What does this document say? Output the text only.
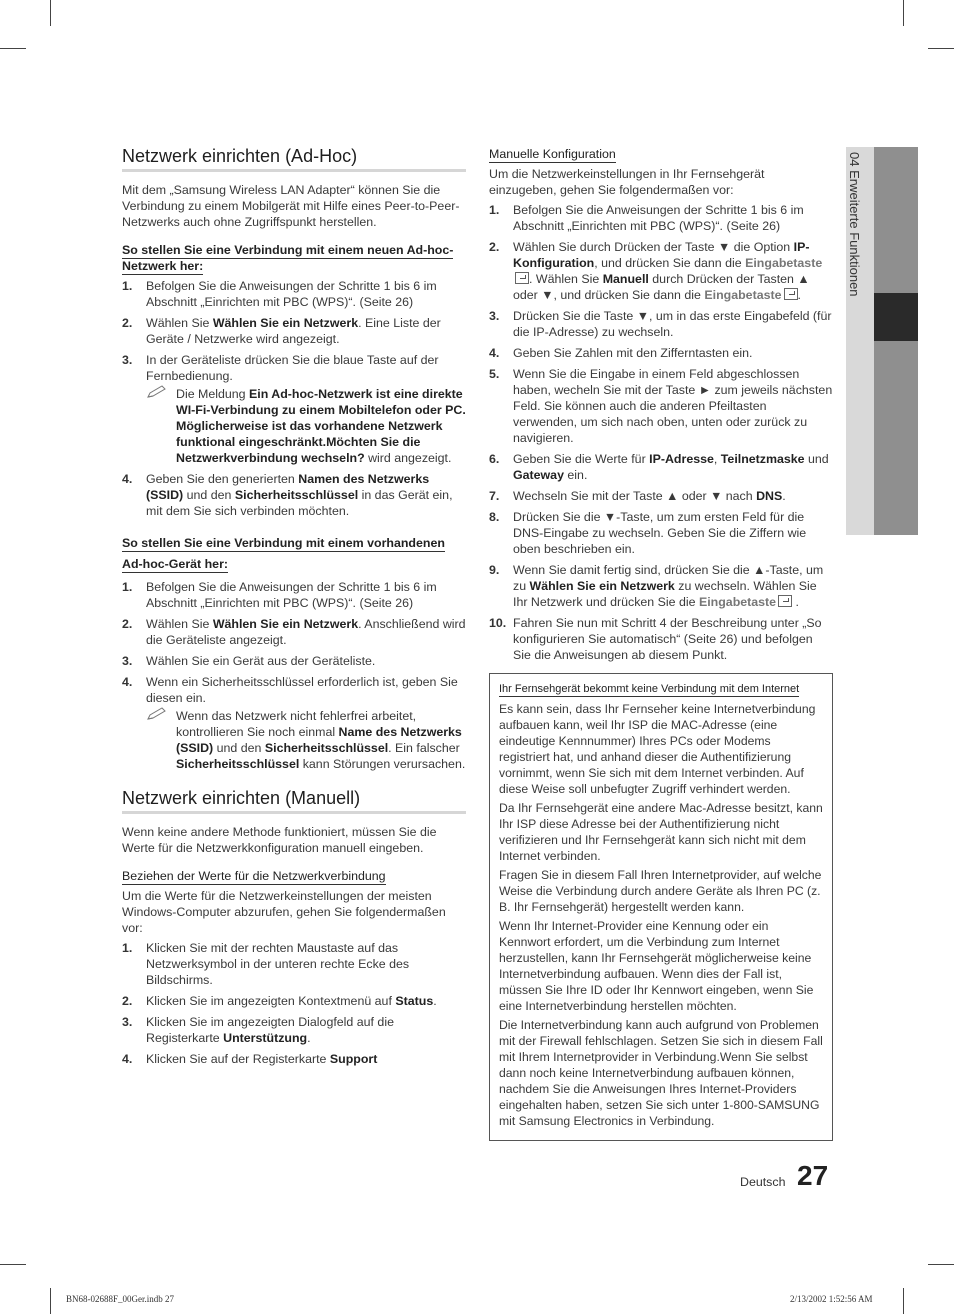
04 Erweiterte Funktionen
Netzwerk einrichten (Ad-Hoc)

Mit dem „Samsung Wireless LAN Adapter“ können Sie die Verbindung zu einem Mobilgerät mit Hilfe eines Peer-to-Peer-Netzwerks auch ohne Zugriffspunkt herstellen.

So stellen Sie eine Verbindung mit einem neuen Ad-hoc-
Netzwerk her:
1. Befolgen Sie die Anweisungen der Schritte 1 bis 6 im Abschnitt „Einrichten mit PBC (WPS)“. (Seite 26)
2. Wählen Sie Wählen Sie ein Netzwerk. Eine Liste der Geräte / Netzwerke wird angezeigt.
3. In der Geräteliste drücken Sie die blaue Taste auf der Fernbedienung.
Die Meldung Ein Ad-hoc-Netzwerk ist eine direkte WI-Fi-Verbindung zu einem Mobiltelefon oder PC. Möglicherweise ist das vorhandene Netzwerk funktional eingeschränkt.Möchten Sie die Netzwerkverbindung wechseln? wird angezeigt.
4. Geben Sie den generierten Namen des Netzwerks (SSID) und den Sicherheitsschlüssel in das Gerät ein, mit dem Sie sich verbinden möchten.
So stellen Sie eine Verbindung mit einem vorhandenen
Ad-hoc-Gerät her:
1. Befolgen Sie die Anweisungen der Schritte 1 bis 6 im Abschnitt „Einrichten mit PBC (WPS)“. (Seite 26)
2. Wählen Sie Wählen Sie ein Netzwerk. Anschließend wird die Geräteliste angezeigt.
3. Wählen Sie ein Gerät aus der Geräteliste.
4. Wenn ein Sicherheitsschlüssel erforderlich ist, geben Sie diesen ein.
Wenn das Netzwerk nicht fehlerfrei arbeitet, kontrollieren Sie noch einmal Name des Netzwerks (SSID) und den Sicherheitsschlüssel. Ein falscher Sicherheitsschlüssel kann Störungen verursachen.
Netzwerk einrichten (Manuell)

Wenn keine andere Methode funktioniert, müssen Sie die Werte für die Netzwerkkonfiguration manuell eingeben.

Beziehen der Werte für die Netzwerkverbindung

Um die Werte für die Netzwerkeinstellungen der meisten Windows-Computer abzurufen, gehen Sie folgendermaßen vor:

1. Klicken Sie mit der rechten Maustaste auf das Netzwerksymbol in der unteren rechte Ecke des Bildschirms.
2. Klicken Sie im angezeigten Kontextmenü auf Status.
3. Klicken Sie im angezeigten Dialogfeld auf die Registerkarte Unterstützung.
4. Klicken Sie auf der Registerkarte Support
Manuelle Konfiguration

Um die Netzwerkeinstellungen in Ihr Fernsehgerät einzugeben, gehen Sie folgendermaßen vor:

1. Befolgen Sie die Anweisungen der Schritte 1 bis 6 im Abschnitt „Einrichten mit PBC (WPS)“. (Seite 26)
2. Wählen Sie durch Drücken der Taste ▼ die Option IP-Konfiguration, und drücken Sie dann die Eingabetaste. Wählen Sie Manuell durch Drücken der Tasten ▲ oder ▼, und drücken Sie dann die Eingabetaste .
3. Drücken Sie die Taste ▼, um in das erste Eingabefeld (für die IP-Adresse) zu wechseln.
4. Geben Sie Zahlen mit den Zifferntasten ein.
5. Wenn Sie die Eingabe in einem Feld abgeschlossen haben, wecheln Sie mit der Taste ► zum jeweils nächsten Feld. Sie können auch die anderen Pfeiltasten verwenden, um sich nach oben, unten oder zurück zu navigieren.
6. Geben Sie die Werte für IP-Adresse, Teilnetzmaske und Gateway ein.
7. Wechseln Sie mit der Taste ▲ oder ▼ nach DNS.
8. Drücken Sie die ▼-Taste, um zum ersten Feld für die DNS-Eingabe zu wechseln. Geben Sie die Ziffern wie oben beschrieben ein.
9. Wenn Sie damit fertig sind, drücken Sie die ▲-Taste, um zu Wählen Sie ein Netzwerk zu wechseln. Wählen Sie Ihr Netzwerk und drücken Sie die Eingabetaste .
10. Fahren Sie nun mit Schritt 4 der Beschreibung unter „So konfigurieren Sie automatisch“ (Seite 26) und befolgen Sie die Anweisungen ab diesem Punkt.
Ihr Fernsehgerät bekommt keine Verbindung mit dem Internet

Es kann sein, dass Ihr Fernseher keine Internetverbindung aufbauen kann, weil Ihr ISP die MAC-Adresse (eine eindeutige Kennnummer) Ihres PCs oder Modems registriert hat, und anhand dieser die Authentifizierung vornimmt, wenn Sie sich mit dem Internet verbinden. Auf diese Weise soll unbefugter Zugriff verhindert werden.

Da Ihr Fernsehgerät eine andere Mac-Adresse besitzt, kann Ihr ISP diese Adresse bei der Authentifizierung nicht verifizieren und Ihr Fernsehgerät kann sich nicht mit dem Internet verbinden.

Fragen Sie in diesem Fall Ihren Internetprovider, auf welche Weise die Verbindung durch andere Geräte als Ihren PC (z. B. Ihr Fernsehgerät) hergestellt werden kann.

Wenn Ihr Internet-Provider eine Kennung oder ein Kennwort erfordert, um die Verbindung zum Internet herzustellen, kann Ihr Fernsehgerät möglicherweise keine Internetverbindung aufbauen. Wenn dies der Fall ist, müssen Sie Ihre ID oder Ihr Kennwort eingeben, wenn Sie eine Internetverbindung herstellen möchten.

Die Internetverbindung kann auch aufgrund von Problemen mit der Firewall fehlschlagen. Setzen Sie sich in diesem Fall mit Ihrem Internetprovider in Verbindung.Wenn Sie selbst dann noch keine Internetverbindung aufbauen können, nachdem Sie die Anweisungen Ihres Internet-Providers eingehalten haben, setzen Sie sich unter 1-800-SAMSUNG mit Samsung Electronics in Verbindung.

Deutsch 27
BN68-02688F_00Ger.indb 27	2/13/2002 1:52:56 AM
